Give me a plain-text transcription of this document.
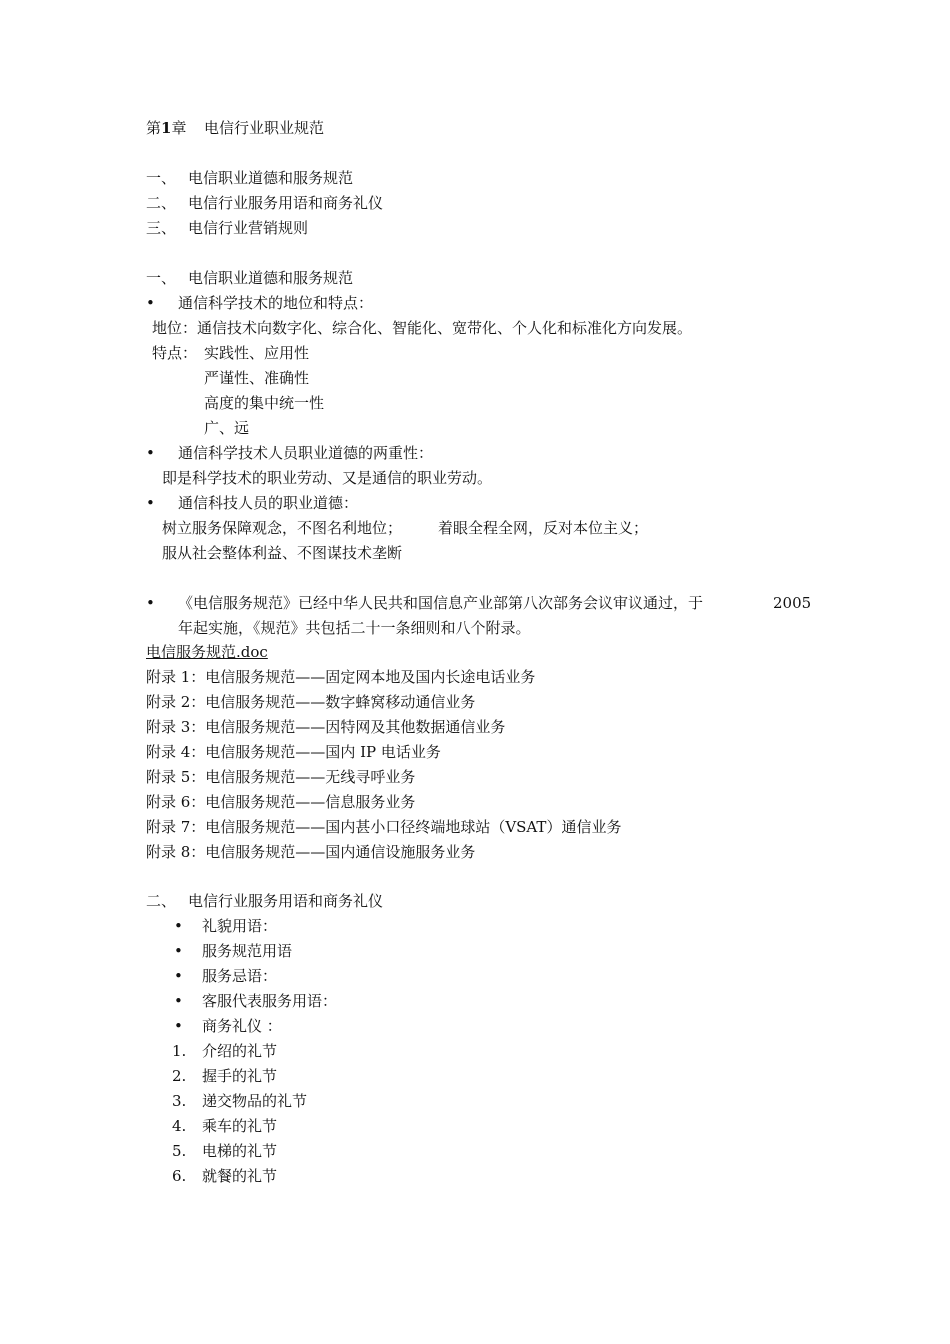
第1章 电信行业职业规范
一、 电信职业道德和服务规范
二、 电信行业服务用语和商务礼仪
三、 电信行业营销规则
一、 电信职业道德和服务规范
• 通信科学技术的地位和特点：
地位：通信技术向数字化、综合化、智能化、宽带化、个人化和标准化方向发展。
特点： 实践性、应用性
严谨性、准确性
高度的集中统一性
广、远
• 通信科学技术人员职业道德的两重性：
即是科学技术的职业劳动、又是通信的职业劳动。
• 通信科技人员的职业道德：
树立服务保障观念，不图名利地位； 着眼全程全网，反对本位主义；
服从社会整体利益、不图谋技术垄断
• 《电信服务规范》已经中华人民共和国信息产业部第八次部务会议审议通过，于	2005
年起实施，《规范》共包括二十一条细则和八个附录。
电信服务规范.doc
附录 1：电信服务规范——固定网本地及国内长途电话业务
附录 2：电信服务规范——数字蜂窝移动通信业务
附录 3：电信服务规范——因特网及其他数据通信业务
附录 4：电信服务规范——国内 IP 电话业务
附录 5：电信服务规范——无线寻呼业务
附录 6：电信服务规范——信息服务业务
附录 7：电信服务规范——国内甚小口径终端地球站（VSAT）通信业务
附录 8：电信服务规范——国内通信设施服务业务
二、 电信行业服务用语和商务礼仪
• 礼貌用语：
• 服务规范用语
• 服务忌语：
• 客服代表服务用语：
• 商务礼仪 ：
1. 介绍的礼节
2. 握手的礼节
3. 递交物品的礼节
4. 乘车的礼节
5. 电梯的礼节
6. 就餐的礼节
